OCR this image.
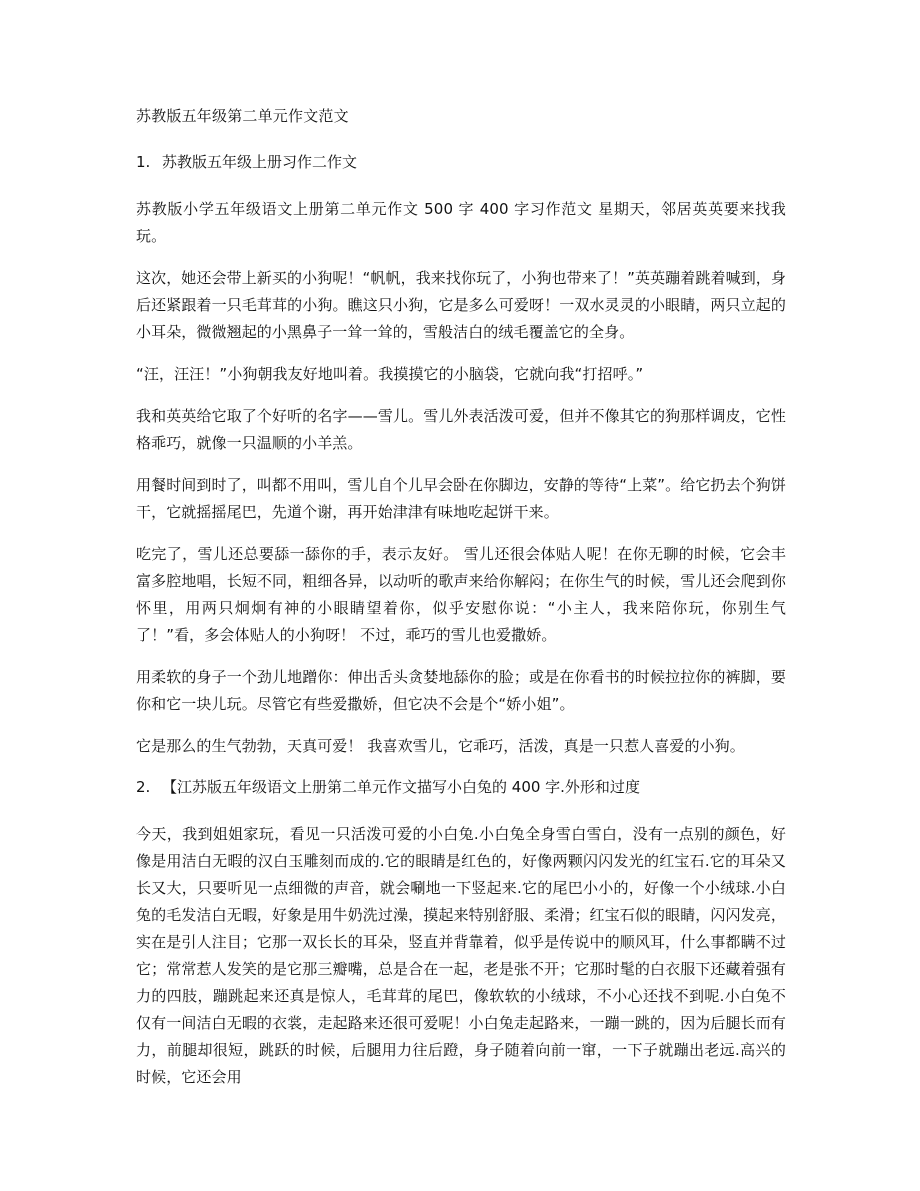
苏教版五年级第二单元作文范文
1. 苏教版五年级上册习作二作文

苏教版小学五年级语文上册第二单元作文 500 字 400 字习作范文 星期天，邻居英英要来找我玩。

这次，她还会带上新买的小狗呢！“帆帆，我来找你玩了，小狗也带来了！”英英蹦着跳着喊到，身后还紧跟着一只毛茸茸的小狗。瞧这只小狗，它是多么可爱呀！一双水灵灵的小眼睛，两只立起的小耳朵，微微翘起的小黑鼻子一耸一耸的，雪般洁白的绒毛覆盖它的全身。

“汪，汪汪！”小狗朝我友好地叫着。我摸摸它的小脑袋，它就向我“打招呼。”

我和英英给它取了个好听的名字——雪儿。雪儿外表活泼可爱，但并不像其它的狗那样调皮，它性格乖巧，就像一只温顺的小羊羔。

用餐时间到时了，叫都不用叫，雪儿自个儿早会卧在你脚边，安静的等待“上菜”。给它扔去个狗饼干，它就摇摇尾巴，先道个谢，再开始津津有味地吃起饼干来。

吃完了，雪儿还总要舔一舔你的手，表示友好。 雪儿还很会体贴人呢！在你无聊的时候，它会丰富多腔地唱，长短不同，粗细各异，以动听的歌声来给你解闷；在你生气的时候，雪儿还会爬到你怀里，用两只炯炯有神的小眼睛望着你，似乎安慰你说：“小主人，我来陪你玩，你别生气了！”看，多会体贴人的小狗呀！ 不过，乖巧的雪儿也爱撒娇。

用柔软的身子一个劲儿地蹭你：伸出舌头贪婪地舔你的脸；或是在你看书的时候拉拉你的裤脚，要你和它一块儿玩。尽管它有些爱撒娇，但它决不会是个“娇小姐”。

它是那么的生气勃勃，天真可爱！ 我喜欢雪儿，它乖巧，活泼，真是一只惹人喜爱的小狗。

2. 【江苏版五年级语文上册第二单元作文描写小白兔的 400 字.外形和过度

今天，我到姐姐家玩，看见一只活泼可爱的小白兔.小白兔全身雪白雪白，没有一点别的颜色，好像是用洁白无暇的汉白玉雕刻而成的.它的眼睛是红色的，好像两颗闪闪发光的红宝石.它的耳朵又长又大，只要听见一点细微的声音，就会唰地一下竖起来.它的尾巴小小的，好像一个小绒球.小白兔的毛发洁白无暇，好象是用牛奶洗过澡，摸起来特别舒服、柔滑；红宝石似的眼睛，闪闪发亮，实在是引人注目；它那一双长长的耳朵，竖直并背靠着，似乎是传说中的顺风耳，什么事都瞒不过它；常常惹人发笑的是它那三瓣嘴，总是合在一起，老是张不开；它那时髦的白衣服下还藏着强有力的四肢，蹦跳起来还真是惊人，毛茸茸的尾巴，像软软的小绒球，不小心还找不到呢.小白兔不仅有一间洁白无暇的衣裳，走起路来还很可爱呢！小白兔走起路来，一蹦一跳的，因为后腿长而有力，前腿却很短，跳跃的时候，后腿用力往后蹬，身子随着向前一窜，一下子就蹦出老远.高兴的时候，它还会用
